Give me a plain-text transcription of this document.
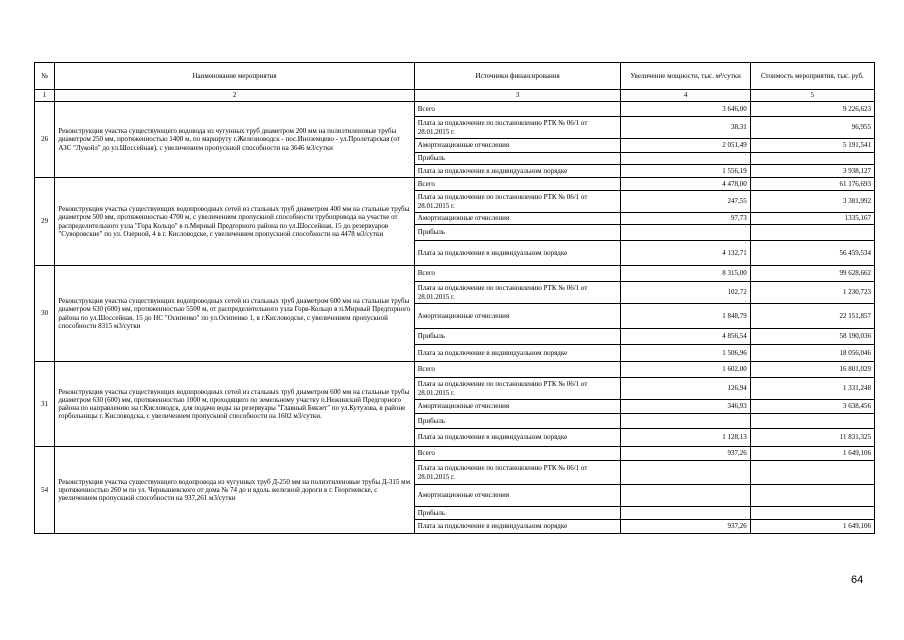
№	Наименование мероприятия	Источники финансирования	Увеличение мощности, тыс. м³/сутки	Стоимость мероприятия, тыс. руб.
1	2	3	4	5
26	Реконструкция участка существующего водовода из чугунных труб диаметром 200 мм на полиэтиленовые трубы диаметром 250 мм, протяженностью 1400 м, по маршруту г.Железноводск - пос.Иноземцево - ул.Пролетарская (от АЗС "Лукойл" до ул.Шоссейная), с увеличением пропускной способности на 3646 м3/сутки	Всего	3 646,00	9 226,623
		Плата за подключение по постановлению РТК № 06/1 от 28.01.2015 г.	38,31	96,955
		Амортизационные отчисления	2 051,49	5 191,541
		Прибыль		
		Плата за подключение в индивидуальном порядке	1 556,19	3 938,127
29	Реконструкция участка существующих водопроводных сетей из стальных труб диаметром 400 мм на стальные трубы диаметром 500 мм, протяженностью 4700 м, с увеличением пропускной способности трубопровода на участке от распределительного узла "Гора Кольцо" в п.Мирный Предгорного района по ул.Шоссейная, 15 до резервуаров "Суворовские" по ул. Озерной, 4 в г. Кисловодске, с увеличением пропускной способности на 4478 м3/сутки	Всего	4 478,00	61 176,693
		Плата за подключение по постановлению РТК № 06/1 от 28.01.2015 г.	247,55	3 381,992
		Амортизационные отчисления	97,73	1335,167
		Прибыль		
		Плата за подключение в индивидуальном порядке	4 132,71	56 459,534
30	Реконструкция участка существующих водопроводных сетей из стальных труб диаметром 600 мм на стальные трубы диаметром 630 (600) мм, протяженностью 5500 м, от распределительного узла Горв-Кольцо в п.Мирный Предгорного района по ул.Шоссейная, 15 до НС "Осипенко" по ул.Осипенко 1, в г.Кисловодске, с увеличением пропускной способности 8315 м3/сутки	Всего	8 315,00	99 628,662
		Плата за подключение по постановлению РТК № 06/1 от 28.01.2015 г.	102,72	1 230,723
		Амортизационные отчисления	1 848,79	22 151,857
		Прибыль	4 856,54	58 190,036
		Плата за подключение в индивидуальном порядке	1 506,96	18 056,046
31	Реконструкция участка существующих водопроводных сетей из стальных труб диаметром 600 мм на стальные трубы диаметром 630 (600) мм, протяженностью 1000 м, проходящего по земельному участку п.Нежинский Предгорного района по направлению на г.Кисловодск, для подачи воды на резервуары "Главный Бякзет" по ул.Кутузова, в районе горбольницы г. Кисловодска, с увеличением пропускной способности на 1602 м3/сутки.	Всего	1 602,00	16 801,029
		Плата за подключение по постановлению РТК № 06/1 от 28.01.2015 г.	126,94	1 331,248
		Амортизационные отчисления	346,93	3 638,456
		Прибыль		
		Плата за подключение в индивидуальном порядке	1 128,13	11 831,325
54	Реконструкция участка существующего водопровода из чугунных труб Д-250 мм на полиэтиленовые трубы Д-315 мм протяженностью 260 м по ул. Чернышевского от дома № 74 до и вдоль железной дороги в г. Георгиевске, с увеличением пропускной способности на 937,261 м3/сутки	Всего	937,26	1 649,106
		Плата за подключение по постановлению РТК № 06/1 от 28.01.2015 г.		
		Амортизационные отчисления		
		Прибыль		
		Плата за подключение в индивидуальном порядке	937,26	1 649,106
64
